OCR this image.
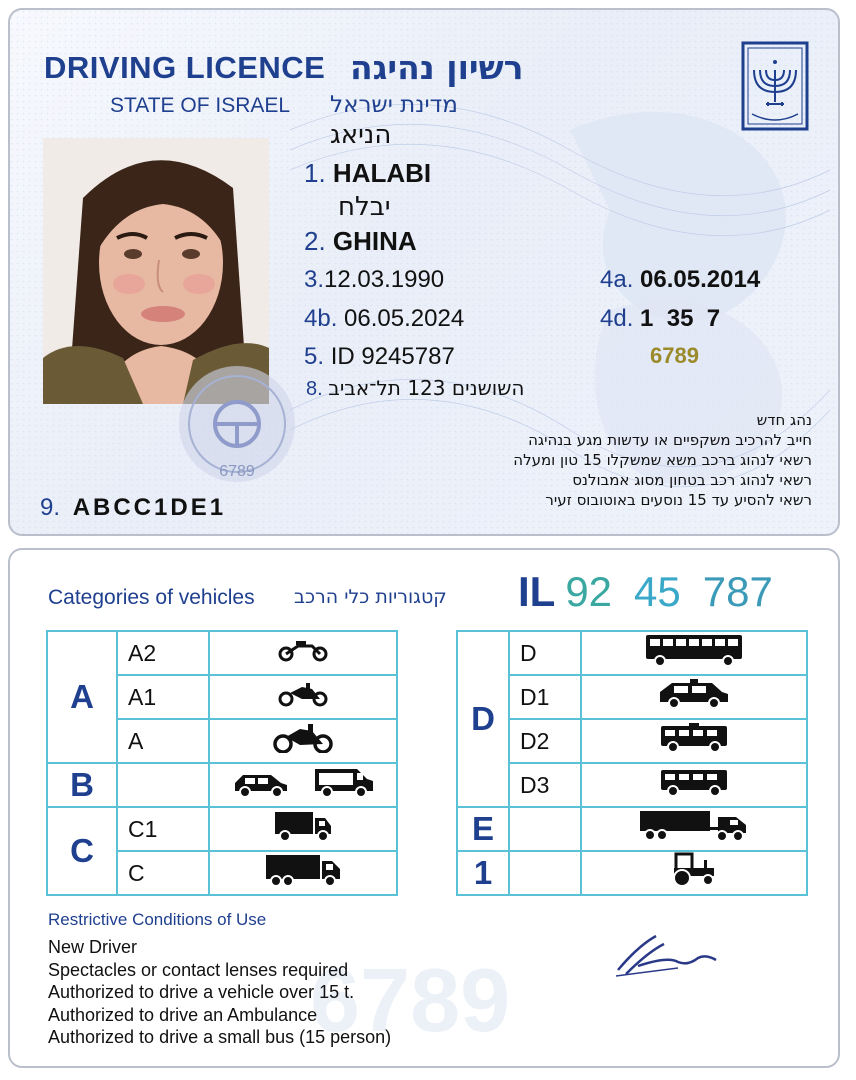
DRIVING LICENCE רשיון נהיגה
STATE OF ISRAEL מדינת ישראל
6789
הניאג
1. HALABI
יבלח
2. GHINA
3.12.03.1990
4b. 06.05.2024
5. ID 9245787
8. השושנים 123 תל־אביב
4a. 06.05.2014
4d. 1  35  7
6789
נהג חדש
חייב להרכיב משקפיים או עדשות מגע בנהיגה
רשאי לנהוג ברכב משא שמשקלו 15 טון ומעלה
רשאי לנהוג רכב בטחון מסוג אמבולנס
רשאי להסיע עד 15 נוסעים באוטובוס זעיר
9. ABCC1DE1
6789
Categories of vehicles קטגוריות כלי הרכב IL 92 45 787
A	A2	
	A1	
	A	
B		
C	C1	
	C	
D	D	
	D1	
	D2	
	D3	
E		
1		
Restrictive Conditions of Use
New Driver
Spectacles or contact lenses required
Authorized to drive a vehicle over 15 t.
Authorized to drive an Ambulance
Authorized to drive a small bus (15 person)
